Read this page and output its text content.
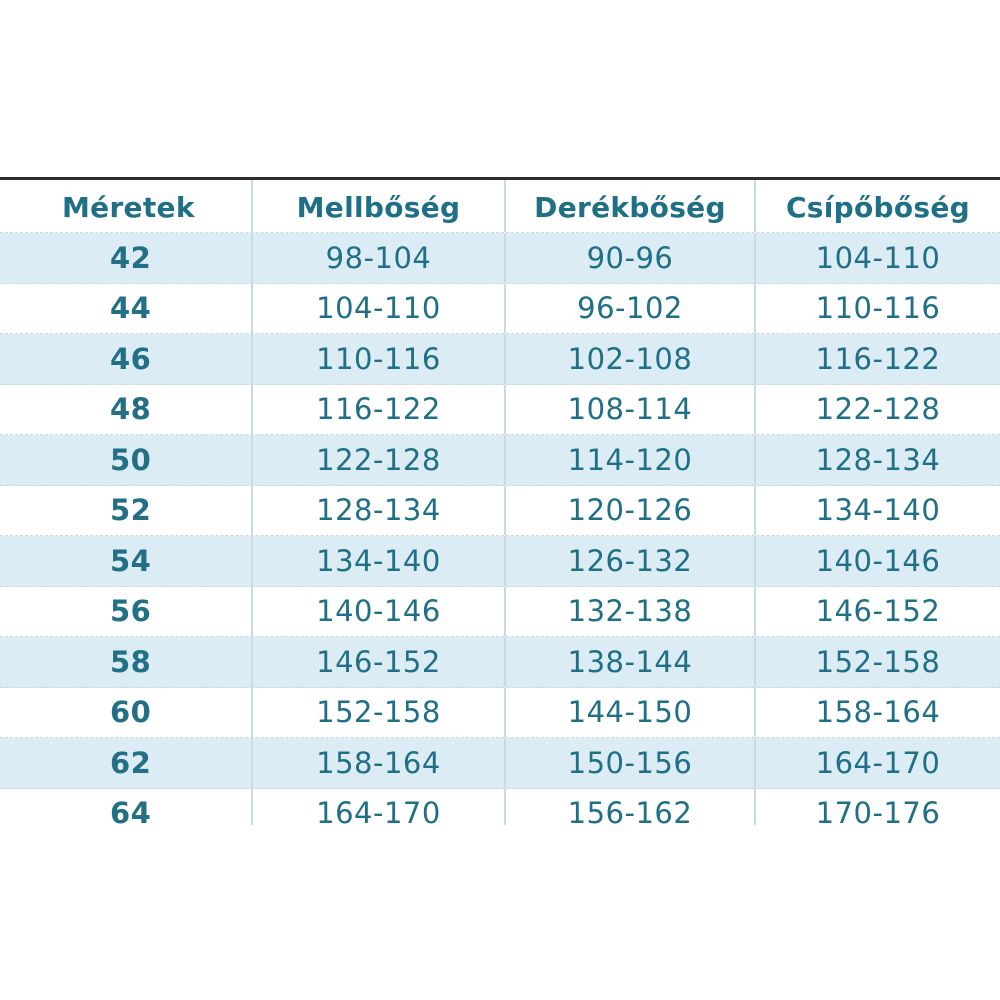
Méretek	Mellbőség	Derékbőség	Csípőbőség
42	98-104	90-96	104-110
44	104-110	96-102	110-116
46	110-116	102-108	116-122
48	116-122	108-114	122-128
50	122-128	114-120	128-134
52	128-134	120-126	134-140
54	134-140	126-132	140-146
56	140-146	132-138	146-152
58	146-152	138-144	152-158
60	152-158	144-150	158-164
62	158-164	150-156	164-170
64	164-170	156-162	170-176
